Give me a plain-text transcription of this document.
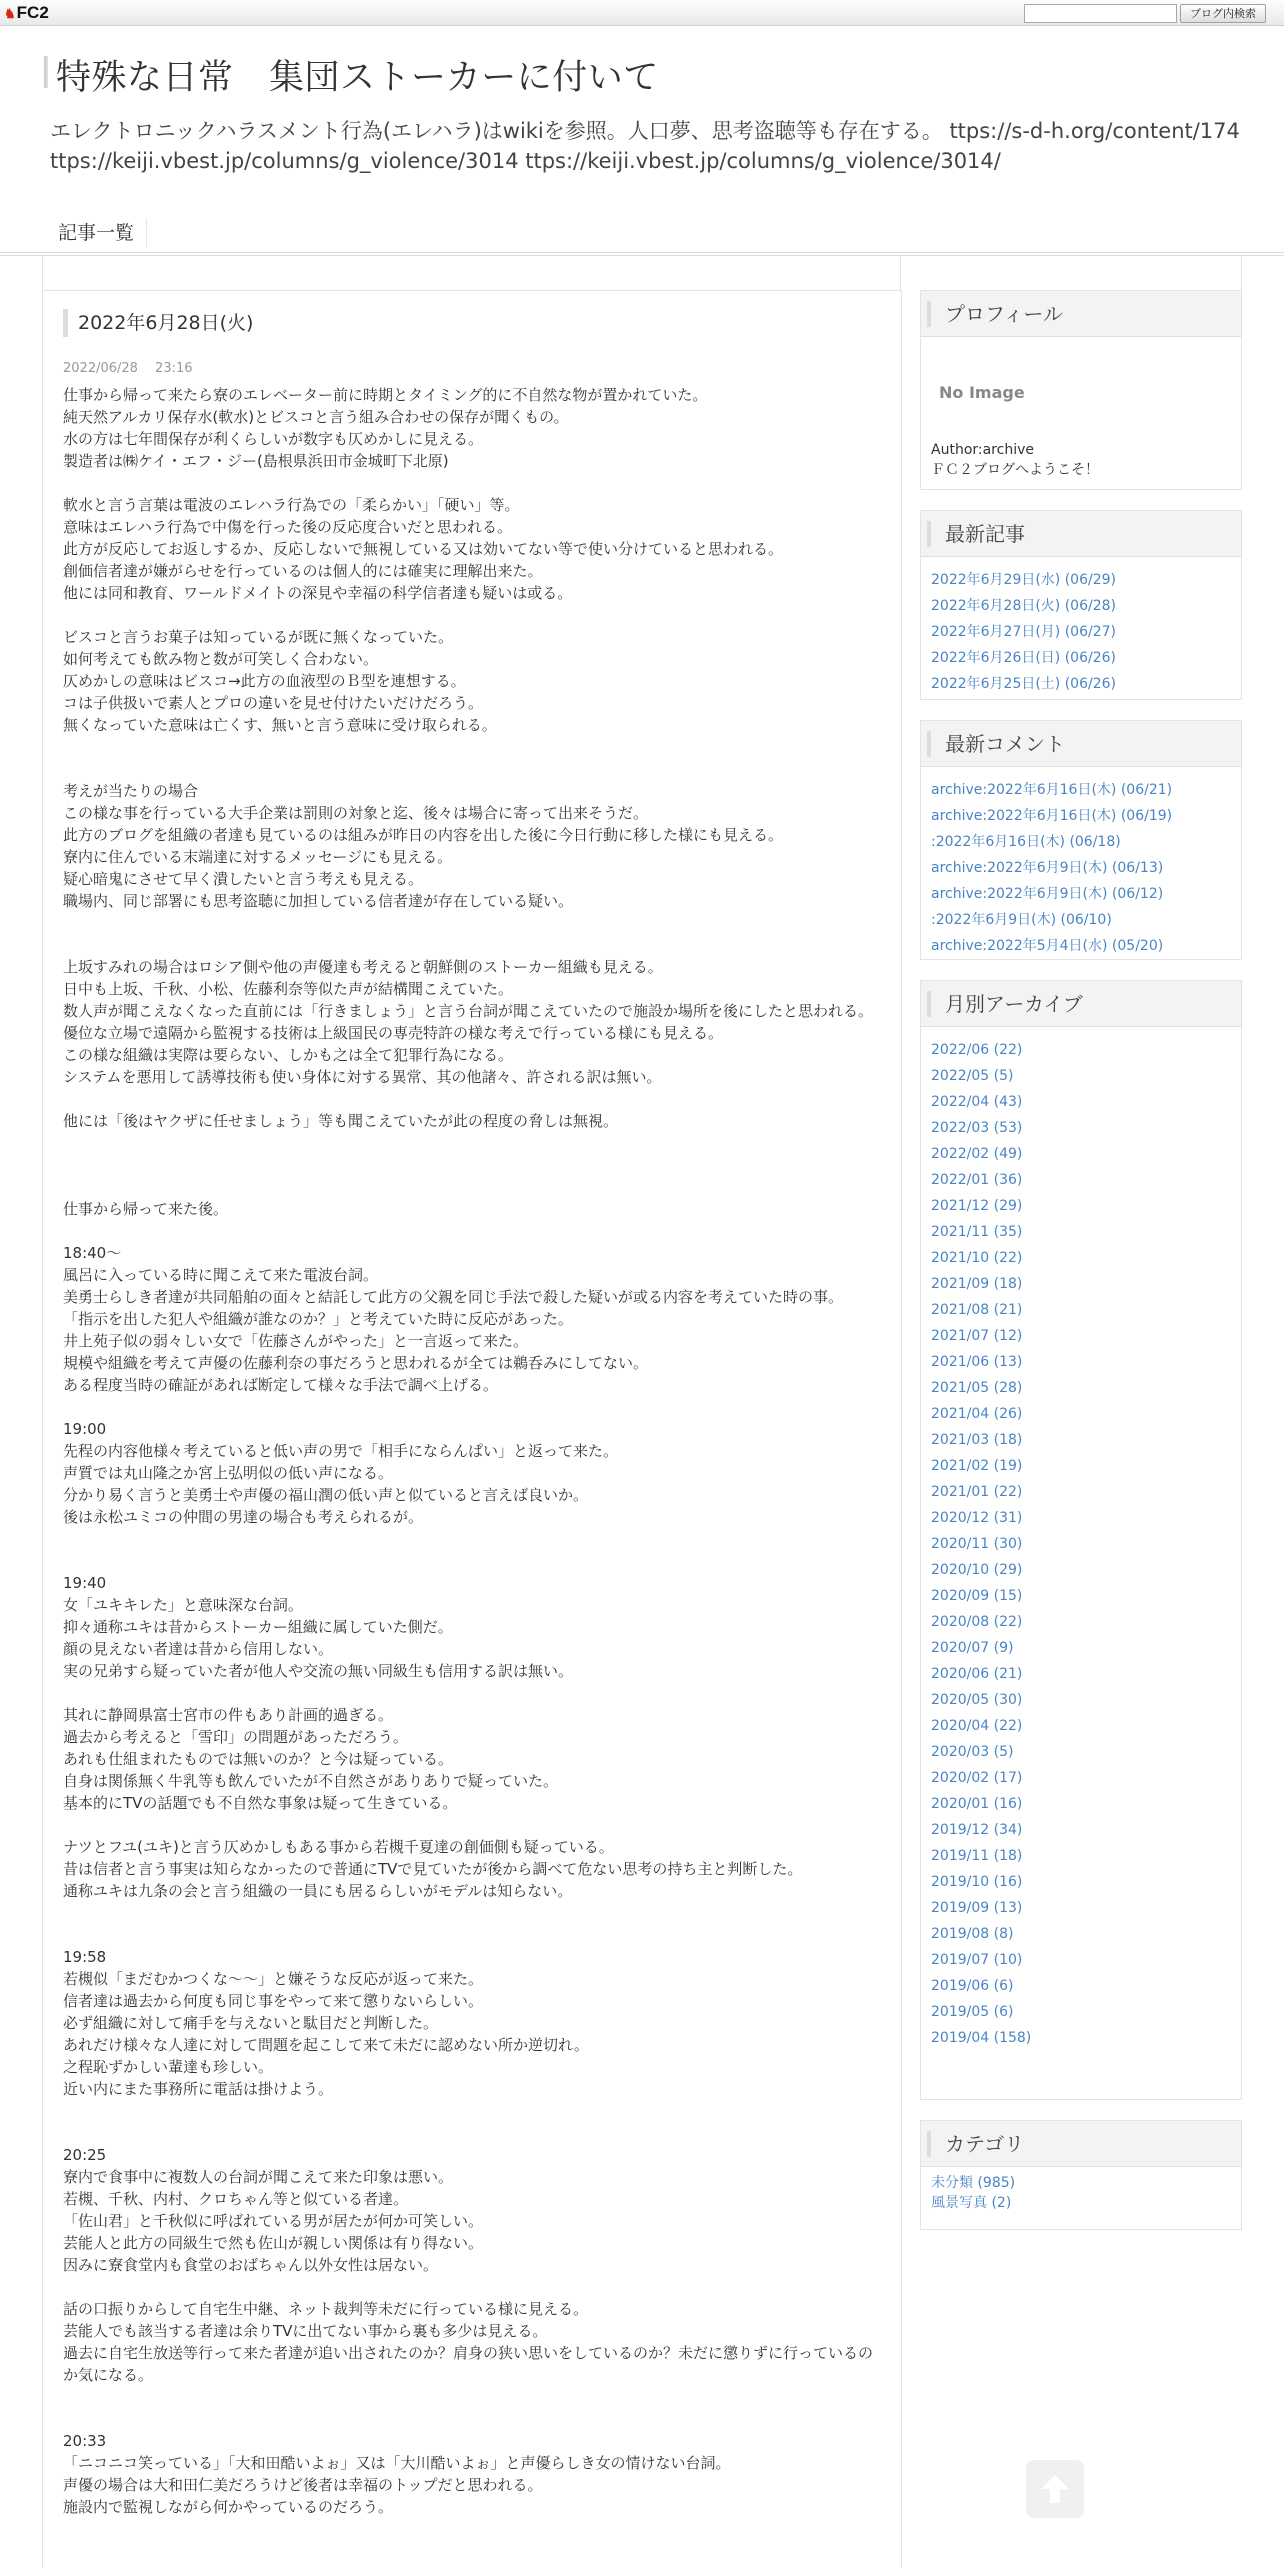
♞FC2	ブログ内検索
特殊な日常　集団ストーカーに付いて
エレクトロニックハラスメント行為(エレハラ)はwikiを参照。人口夢、思考盗聴等も存在する。 ttps://s-d-h.org/content/174 ttps://keiji.vbest.jp/columns/g_violence/3014 ttps://keiji.vbest.jp/columns/g_violence/3014/
記事一覧
2022年6月28日(火)
2022/06/28　 23:16

仕事から帰って来たら寮のエレベーター前に時期とタイミング的に不自然な物が置かれていた。

純天然アルカリ保存水(軟水)とビスコと言う組み合わせの保存が聞くもの。

水の方は七年間保存が利くらしいが数字も仄めかしに見える。

製造者は㈱ケイ・エフ・ジー(島根県浜田市金城町下北原)

軟水と言う言葉は電波のエレハラ行為での「柔らかい」「硬い」等。

意味はエレハラ行為で中傷を行った後の反応度合いだと思われる。

此方が反応してお返しするか、反応しないで無視している又は効いてない等で使い分けていると思われる。

創価信者達が嫌がらせを行っているのは個人的には確実に理解出来た。

他には同和教育、ワールドメイトの深見や幸福の科学信者達も疑いは或る。

ビスコと言うお菓子は知っているが既に無くなっていた。

如何考えても飲み物と数が可笑しく合わない。

仄めかしの意味はビスコ→此方の血液型のＢ型を連想する。

コは子供扱いで素人とプロの違いを見せ付けたいだけだろう。

無くなっていた意味は亡くす、無いと言う意味に受け取られる。

考えが当たりの場合

この様な事を行っている大手企業は罰則の対象と迄、後々は場合に寄って出来そうだ。

此方のブログを組織の者達も見ているのは組みが昨日の内容を出した後に今日行動に移した様にも見える。

寮内に住んでいる末端達に対するメッセージにも見える。

疑心暗鬼にさせて早く潰したいと言う考えも見える。

職場内、同じ部署にも思考盗聴に加担している信者達が存在している疑い。

上坂すみれの場合はロシア側や他の声優達も考えると朝鮮側のストーカー組織も見える。

日中も上坂、千秋、小松、佐藤利奈等似た声が結構聞こえていた。

数人声が聞こえなくなった直前には「行きましょう」と言う台詞が聞こえていたので施設か場所を後にしたと思われる。

優位な立場で遠隔から監視する技術は上級国民の専売特許の様な考えで行っている様にも見える。

この様な組織は実際は要らない、しかも之は全て犯罪行為になる。

システムを悪用して誘導技術も使い身体に対する異常、其の他諸々、許される訳は無い。

他には「後はヤクザに任せましょう」等も聞こえていたが此の程度の脅しは無視。

仕事から帰って来た後。

18:40～

風呂に入っている時に聞こえて来た電波台詞。

美勇士らしき者達が共同船舶の面々と結託して此方の父親を同じ手法で殺した疑いが或る内容を考えていた時の事。

「指示を出した犯人や組織が誰なのか？」と考えていた時に反応があった。

井上苑子似の弱々しい女で「佐藤さんがやった」と一言返って来た。

規模や組織を考えて声優の佐藤利奈の事だろうと思われるが全ては鵜呑みにしてない。

ある程度当時の確証があれば断定して様々な手法で調べ上げる。

19:00

先程の内容他様々考えていると低い声の男で「相手にならんぱい」と返って来た。

声質では丸山隆之か宮上弘明似の低い声になる。

分かり易く言うと美勇士や声優の福山潤の低い声と似ていると言えば良いか。

後は永松ユミコの仲間の男達の場合も考えられるが。

19:40

女「ユキキレた」と意味深な台詞。

抑々通称ユキは昔からストーカー組織に属していた側だ。

顔の見えない者達は昔から信用しない。

実の兄弟すら疑っていた者が他人や交流の無い同級生も信用する訳は無い。

其れに静岡県富士宮市の件もあり計画的過ぎる。

過去から考えると「雪印」の問題があっただろう。

あれも仕組まれたものでは無いのか？と今は疑っている。

自身は関係無く牛乳等も飲んでいたが不自然さがありありで疑っていた。

基本的にTVの話題でも不自然な事象は疑って生きている。

ナツとフユ(ユキ)と言う仄めかしもある事から若槻千夏達の創価側も疑っている。

昔は信者と言う事実は知らなかったので普通にTVで見ていたが後から調べて危ない思考の持ち主と判断した。

通称ユキは九条の会と言う組織の一員にも居るらしいがモデルは知らない。

19:58

若槻似「まだむかつくな～～」と嫌そうな反応が返って来た。

信者達は過去から何度も同じ事をやって来て懲りないらしい。

必ず組織に対して痛手を与えないと駄目だと判断した。

あれだけ様々な人達に対して問題を起こして来て未だに認めない所か逆切れ。

之程恥ずかしい輩達も珍しい。

近い内にまた事務所に電話は掛けよう。

20:25

寮内で食事中に複数人の台詞が聞こえて来た印象は悪い。

若槻、千秋、内村、クロちゃん等と似ている者達。

「佐山君」と千秋似に呼ばれている男が居たが何か可笑しい。

芸能人と此方の同級生で然も佐山が親しい関係は有り得ない。

因みに寮食堂内も食堂のおばちゃん以外女性は居ない。

話の口振りからして自宅生中継、ネット裁判等未だに行っている様に見える。

芸能人でも該当する者達は余りTVに出てない事から裏も多少は見える。

過去に自宅生放送等行って来た者達が追い出されたのか？肩身の狭い思いをしているのか？未だに懲りずに行っているのか気になる。

20:33

「ニコニコ笑っている」「大和田酷いよぉ」又は「大川酷いよぉ」と声優らしき女の情けない台詞。

声優の場合は大和田仁美だろうけど後者は幸福のトップだと思われる。

施設内で監視しながら何かやっているのだろう。

プロフィール
No Image
Author:archive
ＦＣ２ブログへようこそ！
最新記事
2022年6月29日(水) (06/29)
2022年6月28日(火) (06/28)
2022年6月27日(月) (06/27)
2022年6月26日(日) (06/26)
2022年6月25日(土) (06/26)
最新コメント
archive:2022年6月16日(木) (06/21)
archive:2022年6月16日(木) (06/19)
:2022年6月16日(木) (06/18)
archive:2022年6月9日(木) (06/13)
archive:2022年6月9日(木) (06/12)
:2022年6月9日(木) (06/10)
archive:2022年5月4日(水) (05/20)
月別アーカイブ
2022/06 (22)
2022/05 (5)
2022/04 (43)
2022/03 (53)
2022/02 (49)
2022/01 (36)
2021/12 (29)
2021/11 (35)
2021/10 (22)
2021/09 (18)
2021/08 (21)
2021/07 (12)
2021/06 (13)
2021/05 (28)
2021/04 (26)
2021/03 (18)
2021/02 (19)
2021/01 (22)
2020/12 (31)
2020/11 (30)
2020/10 (29)
2020/09 (15)
2020/08 (22)
2020/07 (9)
2020/06 (21)
2020/05 (30)
2020/04 (22)
2020/03 (5)
2020/02 (17)
2020/01 (16)
2019/12 (34)
2019/11 (18)
2019/10 (16)
2019/09 (13)
2019/08 (8)
2019/07 (10)
2019/06 (6)
2019/05 (6)
2019/04 (158)
カテゴリ
未分類 (985)
風景写真 (2)
